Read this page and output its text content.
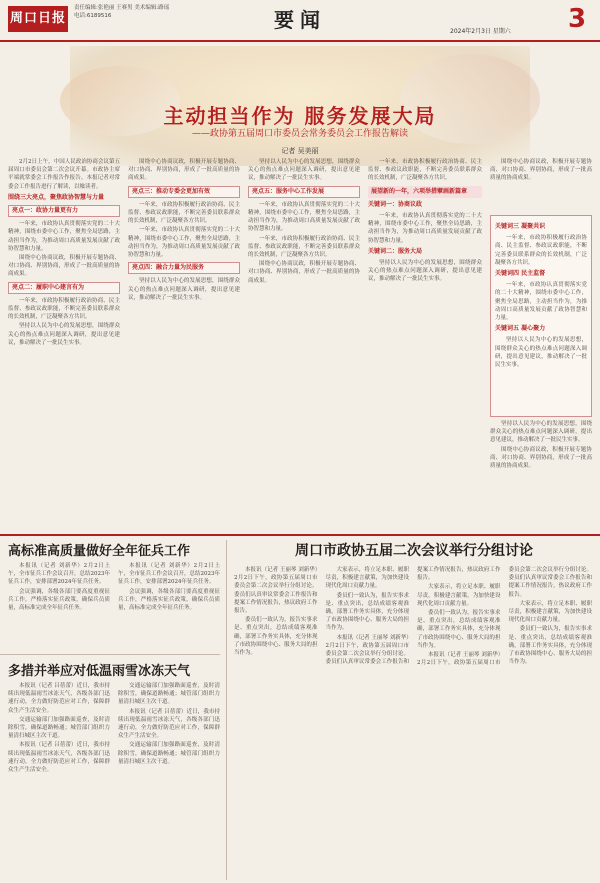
周口日报
责任编辑:张艳丽 王赛男 美术编辑:路瑶
电话:6189516	要闻	2024年2月3日 星期六 3
主动担当作为 服务发展大局
——政协第五届周口市委员会常务委员会工作报告解读
记者 吴美丽

2月2日上午，中国人民政治协商会议第五届周口市委员会第二次会议开幕。市政协主席平端就常委会工作报告作报告。本报记者对常委会工作报告进行了解读，以飨读者。

围绕三大亮点，聚焦政协智慧与力量
亮点一：政协力量更有力

一年来，市政协认真贯彻落实党的二十大精神，围绕市委中心工作，聚焦全局思路，主动担当作为，为推动周口高质量发展贡献了政协智慧和力量。

围绕中心协商议政，积极开展专题协商、对口协商、界别协商，形成了一批高质量的协商成果。

亮点二：履职中心建言有为

一年来，市政协积极履行政治协商、民主监督、参政议政职能，不断完善委员联系群众的长效机制，广泛凝聚各方共识。

坚持以人民为中心的发展思想，围绕群众关心的热点难点问题深入调研，提出意见建议，推动解决了一批民生实事。

围绕中心协商议政，积极开展专题协商、对口协商、界别协商，形成了一批高质量的协商成果。

亮点三：推动专委会更加有效

一年来，市政协积极履行政治协商、民主监督、参政议政职能，不断完善委员联系群众的长效机制，广泛凝聚各方共识。

一年来，市政协认真贯彻落实党的二十大精神，围绕市委中心工作，聚焦全局思路，主动担当作为，为推动周口高质量发展贡献了政协智慧和力量。

亮点四：融合力量为民服务

坚持以人民为中心的发展思想，围绕群众关心的热点难点问题深入调研，提出意见建议，推动解决了一批民生实事。

坚持以人民为中心的发展思想，围绕群众关心的热点难点问题深入调研，提出意见建议，推动解决了一批民生实事。

亮点五：服务中心工作发展

一年来，市政协认真贯彻落实党的二十大精神，围绕市委中心工作，聚焦全局思路，主动担当作为，为推动周口高质量发展贡献了政协智慧和力量。

一年来，市政协积极履行政治协商、民主监督、参政议政职能，不断完善委员联系群众的长效机制，广泛凝聚各方共识。

围绕中心协商议政，积极开展专题协商、对口协商、界别协商，形成了一批高质量的协商成果。

一年来，市政协积极履行政治协商、民主监督、参政议政职能，不断完善委员联系群众的长效机制，广泛凝聚各方共识。

展望新的一年，六项举措擘画新篇章
关键词一：协商议政

一年来，市政协认真贯彻落实党的二十大精神，围绕市委中心工作，聚焦全局思路，主动担当作为，为推动周口高质量发展贡献了政协智慧和力量。

关键词二：服务大局

坚持以人民为中心的发展思想，围绕群众关心的热点难点问题深入调研，提出意见建议，推动解决了一批民生实事。

围绕中心协商议政，积极开展专题协商、对口协商、界别协商，形成了一批高质量的协商成果。

关键词三 凝聚共识

一年来，市政协积极履行政治协商、民主监督、参政议政职能，不断完善委员联系群众的长效机制，广泛凝聚各方共识。

关键词四 民主监督

一年来，市政协认真贯彻落实党的二十大精神，围绕市委中心工作，聚焦全局思路，主动担当作为，为推动周口高质量发展贡献了政协智慧和力量。

关键词五 凝心聚力

坚持以人民为中心的发展思想，围绕群众关心的热点难点问题深入调研，提出意见建议，推动解决了一批民生实事。

坚持以人民为中心的发展思想，围绕群众关心的热点难点问题深入调研，提出意见建议，推动解决了一批民生实事。

围绕中心协商议政，积极开展专题协商、对口协商、界别协商，形成了一批高质量的协商成果。

高标准高质量做好全年征兵工作

本报讯（记者 刘新华）2月2日上午，全市征兵工作会议召开，总结2023年征兵工作，安排部署2024年征兵任务。

会议强调，各级各部门要高度重视征兵工作，严格落实征兵政策，确保兵员质量，高标准完成全年征兵任务。

本报讯（记者 刘新华）2月2日上午，全市征兵工作会议召开，总结2023年征兵工作，安排部署2024年征兵任务。

会议强调，各级各部门要高度重视征兵工作，严格落实征兵政策，确保兵员质量，高标准完成全年征兵任务。

多措并举应对低温雨雪冰冻天气

本报讯（记者 吕蓓蕾）近日，我市持续出现低温雨雪冰冻天气，各级各部门迅速行动，全力做好防范应对工作，保障群众生产生活安全。

交通运输部门加强路面巡查，及时清除积雪，确保道路畅通；城管部门组织力量清扫城区主次干道。

本报讯（记者 吕蓓蕾）近日，我市持续出现低温雨雪冰冻天气，各级各部门迅速行动，全力做好防范应对工作，保障群众生产生活安全。

交通运输部门加强路面巡查，及时清除积雪，确保道路畅通；城管部门组织力量清扫城区主次干道。

本报讯（记者 吕蓓蕾）近日，我市持续出现低温雨雪冰冻天气，各级各部门迅速行动，全力做好防范应对工作，保障群众生产生活安全。

交通运输部门加强路面巡查，及时清除积雪，确保道路畅通；城管部门组织力量清扫城区主次干道。

周口市政协五届二次会议举行分组讨论

本报讯（记者 王丽琴 刘新华）2月2日下午，政协第五届周口市委员会第二次会议举行分组讨论。委员们认真审议常委会工作报告和提案工作情况报告，热议政府工作报告。

委员们一致认为，报告实事求是、重点突出，总结成绩客观准确，部署工作务实具体，充分体现了市政协围绕中心、服务大局的担当作为。

大家表示，将立足本职、履职尽责，积极建言献策，为加快建设现代化周口贡献力量。

委员们一致认为，报告实事求是、重点突出，总结成绩客观准确，部署工作务实具体，充分体现了市政协围绕中心、服务大局的担当作为。

本报讯（记者 王丽琴 刘新华）2月2日下午，政协第五届周口市委员会第二次会议举行分组讨论。委员们认真审议常委会工作报告和提案工作情况报告，热议政府工作报告。

大家表示，将立足本职、履职尽责，积极建言献策，为加快建设现代化周口贡献力量。

委员们一致认为，报告实事求是、重点突出，总结成绩客观准确，部署工作务实具体，充分体现了市政协围绕中心、服务大局的担当作为。

本报讯（记者 王丽琴 刘新华）2月2日下午，政协第五届周口市委员会第二次会议举行分组讨论。委员们认真审议常委会工作报告和提案工作情况报告，热议政府工作报告。

大家表示，将立足本职、履职尽责，积极建言献策，为加快建设现代化周口贡献力量。

委员们一致认为，报告实事求是、重点突出，总结成绩客观准确，部署工作务实具体，充分体现了市政协围绕中心、服务大局的担当作为。
